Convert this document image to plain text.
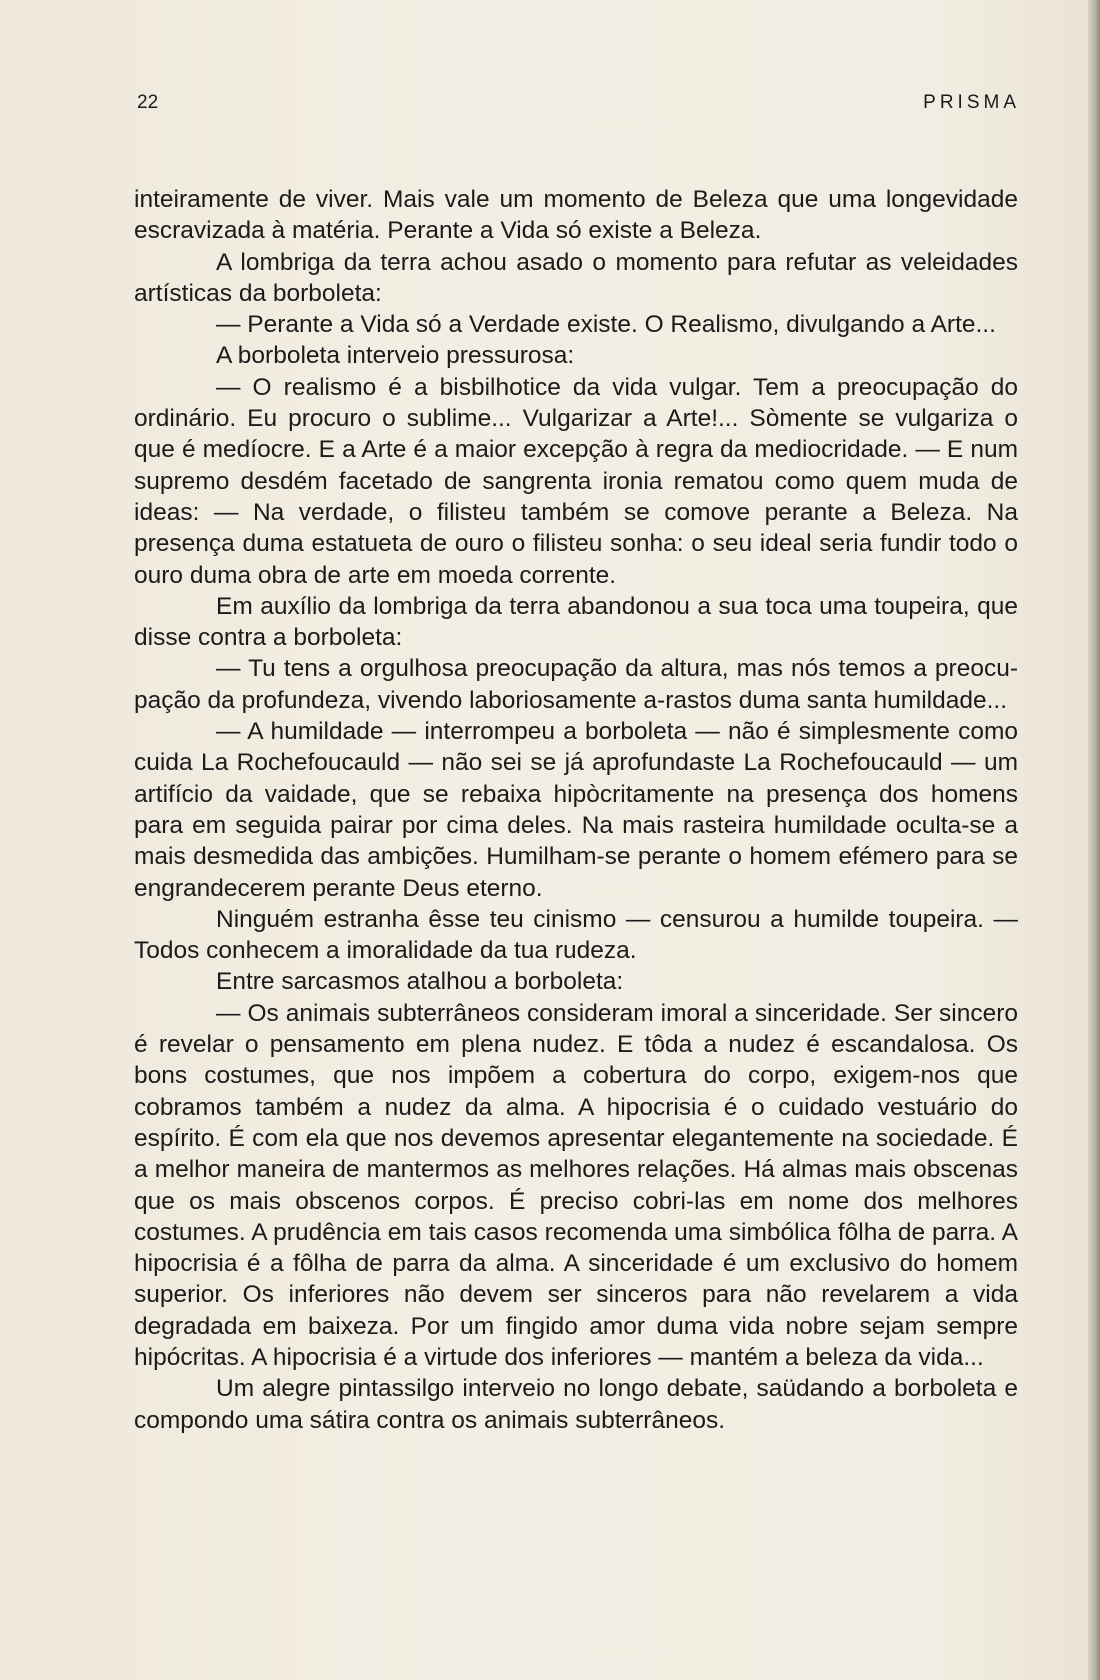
22	PRISMA

inteiramente de viver. Mais vale um momento de Beleza que uma longevidade escravizada à matéria. Perante a Vida só existe a Beleza.

A lombriga da terra achou asado o momento para refutar as veleidades artísticas da borboleta:

— Perante a Vida só a Verdade existe. O Realismo, divulgando a Arte...

A borboleta interveio pressurosa:

— O realismo é a bisbilhotice da vida vulgar. Tem a preocupação do ordinário. Eu procuro o sublime... Vulgarizar a Arte!... Sòmente se vulgariza o que é medíocre. E a Arte é a maior excepção à regra da mediocridade. — E num supremo desdém facetado de sangrenta ironia rematou como quem muda de ideas: — Na verdade, o filisteu também se comove perante a Beleza. Na presença duma estatueta de ouro o filisteu sonha: o seu ideal seria fundir todo o ouro duma obra de arte em moeda corrente.

Em auxílio da lombriga da terra abandonou a sua toca uma toupeira, que disse contra a borboleta:

— Tu tens a orgulhosa preocupação da altura, mas nós temos a preocupação da profundeza, vivendo laboriosamente a-rastos duma santa humildade...

— A humildade — interrompeu a borboleta — não é simplesmente como cuida La Rochefoucauld — não sei se já aprofundaste La Rochefoucauld — um artifício da vaidade, que se rebaixa hipòcritamente na presença dos homens para em seguida pairar por cima deles. Na mais rasteira humildade oculta-se a mais desmedida das ambições. Humilham-se perante o homem efémero para se engrandecerem perante Deus eterno.

Ninguém estranha êsse teu cinismo — censurou a humilde toupeira. — Todos conhecem a imoralidade da tua rudeza.

Entre sarcasmos atalhou a borboleta:

— Os animais subterrâneos consideram imoral a sinceridade. Ser sincero é revelar o pensamento em plena nudez. E tôda a nudez é escandalosa. Os bons costumes, que nos impõem a cobertura do corpo, exigem-nos que cobramos também a nudez da alma. A hipocrisia é o cuidado vestuário do espírito. É com ela que nos devemos apresentar elegantemente na sociedade. É a melhor maneira de mantermos as melhores relações. Há almas mais obscenas que os mais obscenos corpos. É preciso cobri-las em nome dos melhores costumes. A prudência em tais casos recomenda uma simbólica fôlha de parra. A hipocrisia é a fôlha de parra da alma. A sinceridade é um exclusivo do homem superior. Os inferiores não devem ser sinceros para não revelarem a vida degradada em baixeza. Por um fingido amor duma vida nobre sejam sempre hipócritas. A hipocrisia é a virtude dos inferiores — mantém a beleza da vida...

Um alegre pintassilgo interveio no longo debate, saüdando a borboleta e compondo uma sátira contra os animais subterrâneos.
